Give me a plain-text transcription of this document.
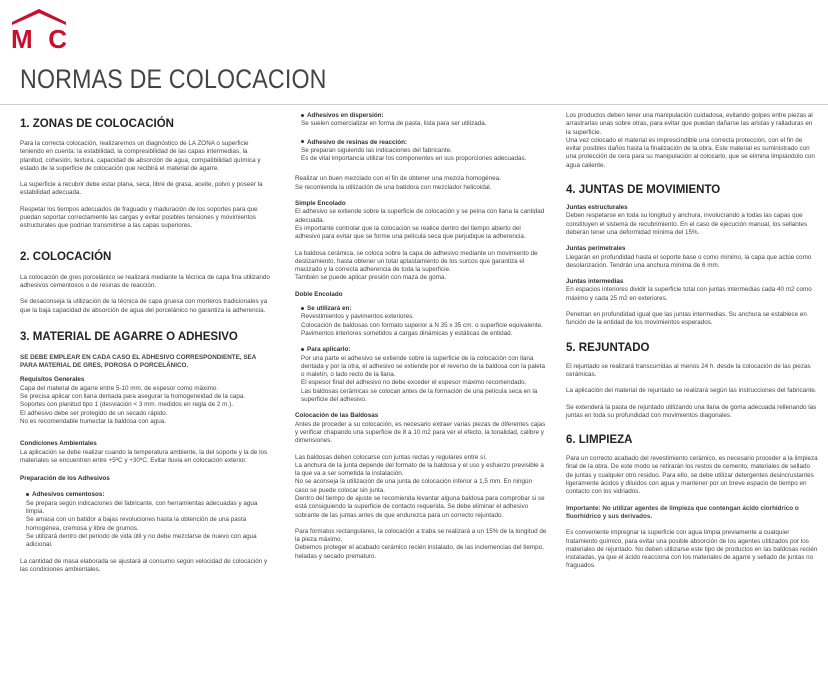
MC
NORMAS DE COLOCACION
1. ZONAS DE COLOCACIÓN

Para la correcta colocación, realizaremos un diagnóstico de LA ZONA o superficie teniendo en cuenta: la estabilidad, la compresibilidad de las capas intermedias, la planitud, cohesión, textura, capacidad de absorción de agua, compatibilidad química y estado de la superficie de colocación que recibirá el material de agarre.

La superficie a recubrir debe estar plana, seca, libre de grasa, aceite, polvo y poseer la estabilidad adecuada.

Respetar los tiempos adecuados de fraguado y maduración de los soportes para que puedan soportar correctamente las cargas y evitar posibles tensiones y movimientos estructurales que podrían transmitirse a las capas superiores.

2. COLOCACIÓN

La colocación de gres porcelánico se realizará mediante la técnica de capa fina utilizando adhesivos cementosos o de resinas de reacción.

Se desaconseja la utilización de la técnica de capa gruesa con morteros tradicionales ya que la baja capacidad de absorción de agua del porcelánico no garantiza la adherencia.

3. MATERIAL DE AGARRE O ADHESIVO

SE DEBE EMPLEAR EN CADA CASO EL ADHESIVO CORRESPONDIENTE, SEA PARA MATERIAL DE GRES, POROSA O PORCELÁNICO.

Requisitos Generales

Capa del material de agarre entre 5-10 mm. de espesor como máximo.
Se precisa aplicar con llana dentada para asegurar la homogeneidad de la capa.
Soportes con planitud tipo 1 (desviación < 3 mm. medidos en regla de 2 m.).
El adhesivo debe ser protegido de un secado rápido.
No es recomendable humectar la baldosa con agua.

Condiciones Ambientales

La aplicación se debe realizar cuando la temperatura ambiente, la del soporte y la de los materiales se encuentren entre +5ºC y +30ºC. Evitar lluvia en colocación exterior.

Preparación de los Adhesivos
Adhesivos cementosos:

Se prepara según indicaciones del fabricante, con herramientas adecuadas y agua limpia.
Se amasa con un batidor a bajas revoluciones hasta la obtención de una pasta homogénea, cremosa y libre de grumos.
Se utilizará dentro del periodo de vida útil y no debe mezclarse de nuevo con agua adicional.

La cantidad de masa elaborada se ajustará al consumo según velocidad de colocación y las condiciones ambientales.

Adhesivos en dispersión:

Se suelen comercializar en forma de pasta, lista para ser utilizada.

Adhesivo de resinas de reacción:

Se preparan siguiendo las indicaciones del fabricante.
Es de vital importancia utilizar los componentes en sus proporciones adecuadas.

Realizar un buen mezclado con el fin de obtener una mezcla homogénea.
Se recomienda la utilización de una batidora con mezclador helicoidal.

Simple Encolado

El adhesivo se extiende sobre la superficie de colocación y se peina con llana la cantidad adecuada.
Es importante controlar que la colocación se realice dentro del tiempo abierto del adhesivo para evitar que se forme una película seca que perjudique la adherencia.

La baldosa cerámica, se coloca sobre la capa de adhesivo mediante un movimiento de deslizamiento, hasta obtener un total aplastamiento de los surcos que garantiza el macizado y la correcta adherencia de toda la superficie.
También se puede aplicar presión con maza de goma.

Doble Encolado
Se utilizará en:

Revestimientos y pavimentos exteriores.
Colocación de baldosas con formato superior a N 35 x 35 cm. o superficie equivalente.
Pavimentos interiores sometidos a cargas dinámicas y estáticas de entidad.

Para aplicarlo:

Por una parte el adhesivo se extiende sobre la superficie de la colocación con llana dentada y por la otra, el adhesivo se extiende por el reverso de la baldosa con la paleta o maletín, o lado recto de la llana.
El espesor final del adhesivo no debe exceder el espesor máximo recomendado.
Las baldosas cerámicas se colocan antes de la formación de una película seca en la superficie del adhesivo.

Colocación de las Baldosas

Antes de proceder a su colocación, es necesario extraer varias piezas de diferentes cajas y verificar chapando una superficie de 8 a 10 m2 para ver el efecto, la tonalidad, calibre y dimensiones.

Las baldosas deben colocarse con juntas rectas y regulares entre sí.
La anchura de la junta depende del formato de la baldosa y el uso y esfuerzo previsible a la que va a ser sometida la instalación.
No se aconseja la utilización de una junta de colocación inferior a 1,5 mm. En ningún caso se puede colocar sin junta.
Dentro del tiempo de ajuste se recomienda levantar alguna baldosa para comprobar si se está consiguiendo la superficie de contacto requerida. Se debe eliminar el adhesivo sobrante de las juntas antes de que endurezca para un correcto rejuntado.

Para formatos rectangulares, la colocación a traba se realizará a un 15% de la longitud de la pieza máximo.
Debemos proteger el acabado cerámico recién instalado, de las inclemencias del tiempo, heladas y secado prematuro.

Los productos deben tener una manipulación cuidadosa, evitando golpes entre piezas al arrastrarlas unas sobre otras, para evitar que puedan dañarse las aristas y ralladuras en la superficie.
Una vez colocado el material es imprescindible una correcta protección, con el fin de evitar posibles daños hasta la finalización de la obra. Este material es suministrado con una protección de cera para su manipulación al colocarlo, que se elimina limpiándolo con agua caliente.

4. JUNTAS DE MOVIMIENTO
Juntas estructurales

Deben respetarse en toda su longitud y anchura, involucrando a todas las capas que constituyen el sistema de recubrimiento. En el caso de ejecución manual, los sellantes deberán tener una deformidad mínima del 15%.

Juntas perimetrales

Llegarán en profundidad hasta el soporte base o como mínimo, la capa que actúe como desolarización. Tendrán una anchura mínima de 6 mm.

Juntas intermedias

En espacios interiores dividir la superficie total con juntas intermedias cada 40 m2 como máximo y cada 25 m2 en exteriores.

Penetran en profundidad igual que las juntas intermedias. Su anchura se establece en función de la entidad de los movimientos esperados.

5. REJUNTADO

El rejuntado se realizará transcurridas al menos 24 h. desde la colocación de las piezas cerámicas.

La aplicación del material de rejuntado se realizará según las instrucciones del fabricante.

Se extenderá la pasta de rejuntado utilizando una llana de goma adecuada rellenando las juntas en toda su profundidad con movimientos diagonales.

6. LIMPIEZA

Para un correcto acabado del revestimiento cerámico, es necesario proceder a la limpieza final de la obra. De este modo se retirarán los restos de cemento, materiales de sellado de juntas y cualquier otro residuo. Para ello, se debe utilizar detergentes desincrustantes ligeramente ácidos y diluidos con agua y mantener por un breve espacio de tiempo en contacto con los vidriados.

Importante: No utilizar agentes de limpieza que contengan ácido clorhídrico o fluorhídrico y sus derivados.

Es conveniente impregnar la superficie con agua limpia previamente a cualquier tratamiento químico, para evitar una posible absorción de los agentes utilizados por los materiales de rejuntado. No deben utilizarse este tipo de productos en las baldosas recién instaladas, ya que el ácido reacciona con los materiales de agarre y sellado de juntas no fraguados.
